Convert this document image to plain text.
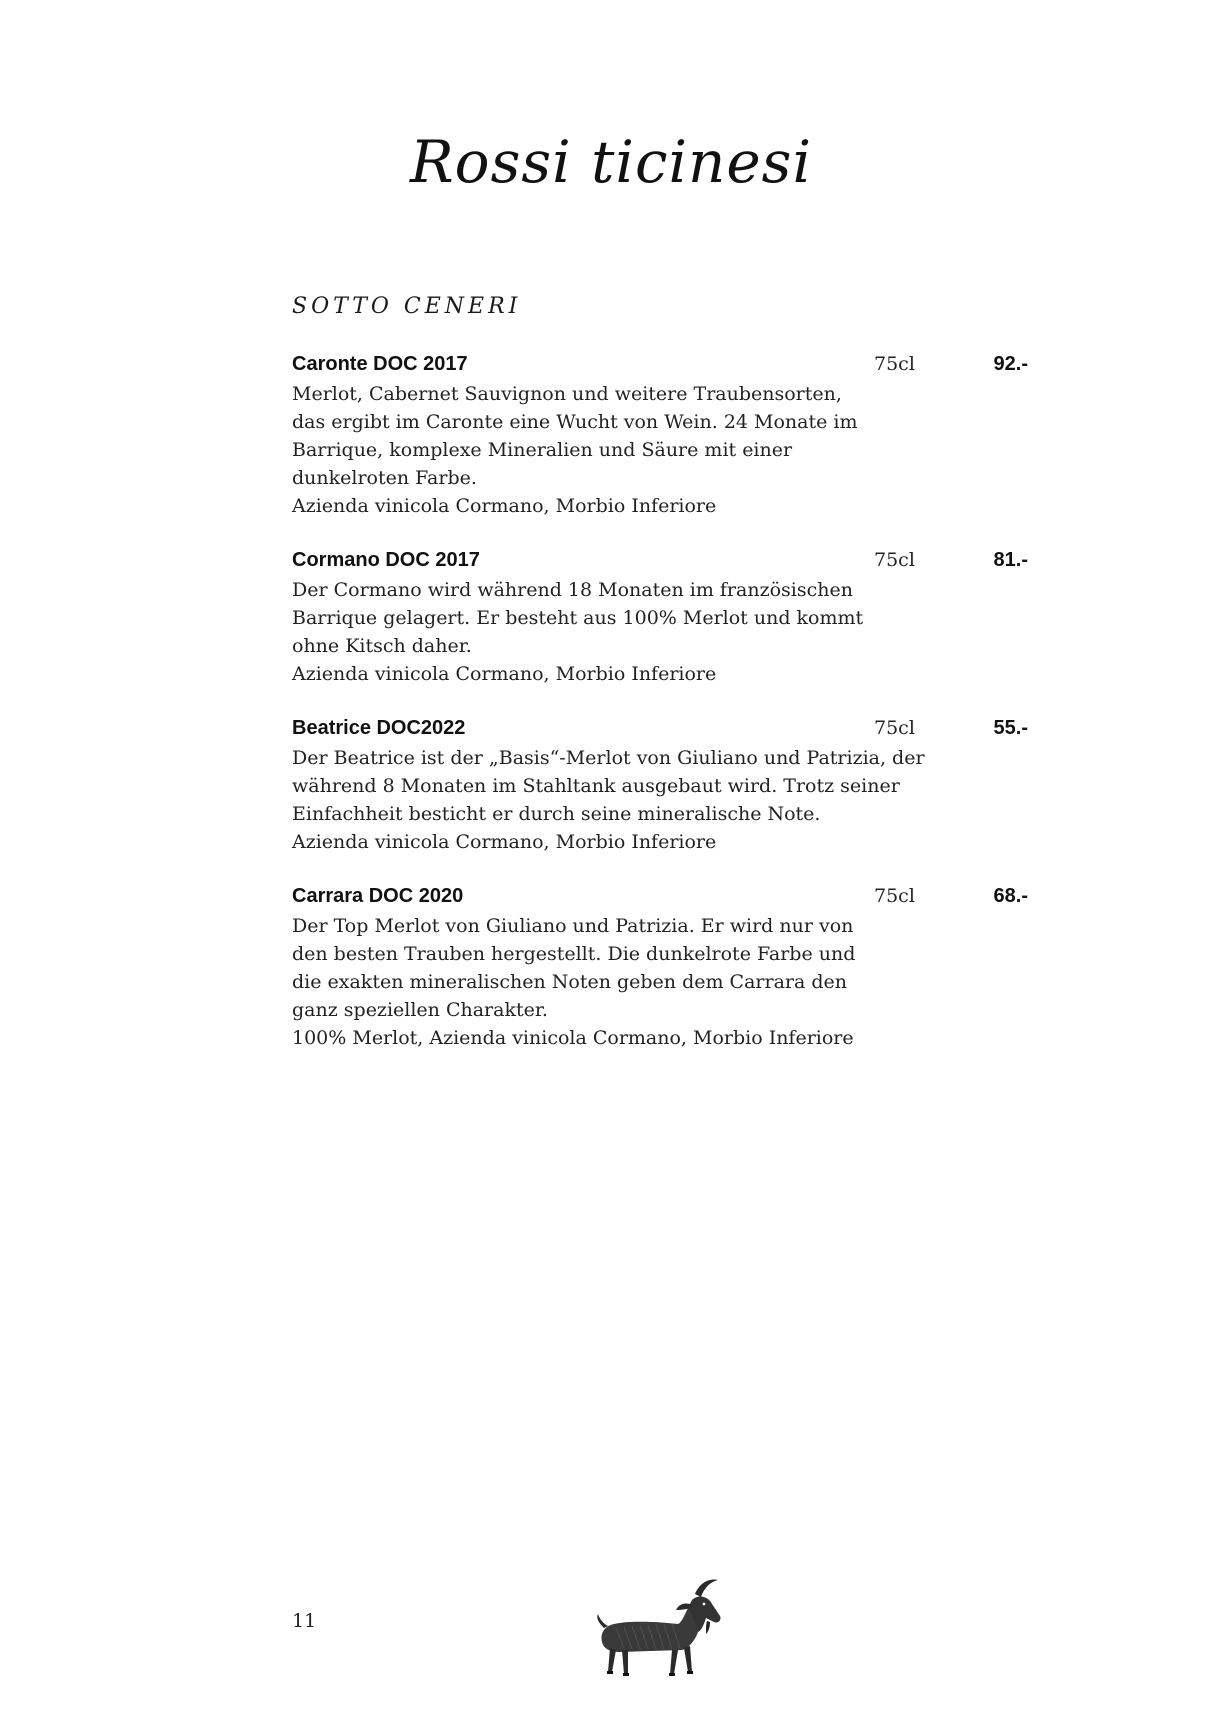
Rossi ticinesi
SOTTO CENERI
Caronte DOC 2017	75cl	92.-
Merlot, Cabernet Sauvignon und weitere Traubensorten,
das ergibt im Caronte eine Wucht von Wein. 24 Monate im
Barrique, komplexe Mineralien und Säure mit einer
dunkelroten Farbe.
Azienda vinicola Cormano, Morbio Inferiore
Cormano DOC 2017	75cl	81.-
Der Cormano wird während 18 Monaten im französischen
Barrique gelagert. Er besteht aus 100% Merlot und kommt
ohne Kitsch daher.
Azienda vinicola Cormano, Morbio Inferiore
Beatrice DOC2022	75cl	55.-
Der Beatrice ist der „Basis“-Merlot von Giuliano und Patrizia, der
während 8 Monaten im Stahltank ausgebaut wird. Trotz seiner
Einfachheit besticht er durch seine mineralische Note.
Azienda vinicola Cormano, Morbio Inferiore
Carrara DOC 2020	75cl	68.-
Der Top Merlot von Giuliano und Patrizia. Er wird nur von
den besten Trauben hergestellt. Die dunkelrote Farbe und
die exakten mineralischen Noten geben dem Carrara den
ganz speziellen Charakter.
100% Merlot, Azienda vinicola Cormano, Morbio Inferiore
11
